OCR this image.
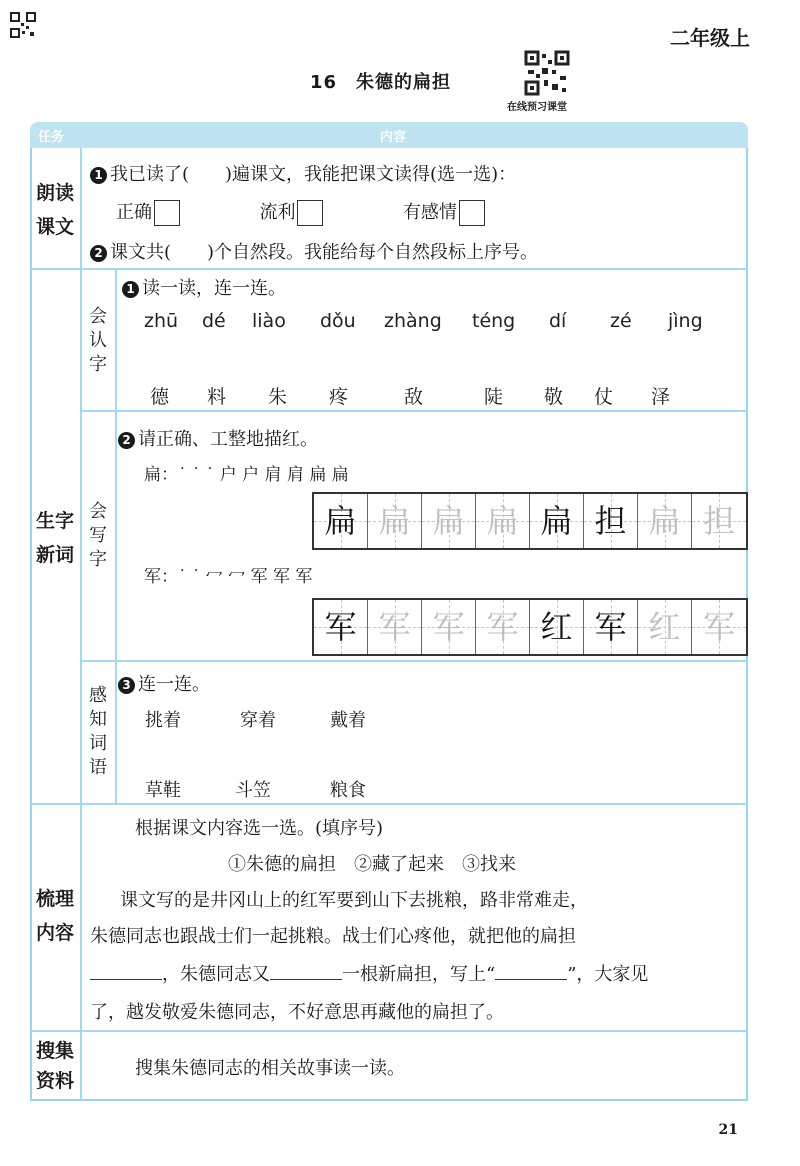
二年级上
16　朱德的扁担
在线预习课堂
任务	内容
朗读
课文
1 我已读了(　　)遍课文，我能把课文读得(选一选)：
正确	流利	有感情
2 课文共(　　)个自然段。我能给每个自然段标上序号。
生字
新词
会认字
1 读一读，连一连。
zhū dé liào dǒu zhàng téng dí zé jìng
德 料 朱 疼	敌	陡 敬 仗 泽
会写字
2 请正确、工整地描红。
扁：˙ ˙ ˙ 户 户 肩 肩 扁 扁
扁 扁 扁 扁 扁 担 扁 担
军：˙ ˙ 冖 冖 军 军 军
军 军 军 军 红 军 红 军
感知词语
3 连一连。
挑着	穿着	戴着
草鞋	斗笠	粮食
梳理
内容
根据课文内容选一选。(填序号)
①朱德的扁担　②藏了起来　③找来
课文写的是井冈山上的红军要到山下去挑粮，路非常难走，
朱德同志也跟战士们一起挑粮。战士们心疼他，就把他的扁担
，朱德同志又	一根新扁担，写上“	”，大家见
了，越发敬爱朱德同志，不好意思再藏他的扁担了。
搜集
资料
搜集朱德同志的相关故事读一读。
21
